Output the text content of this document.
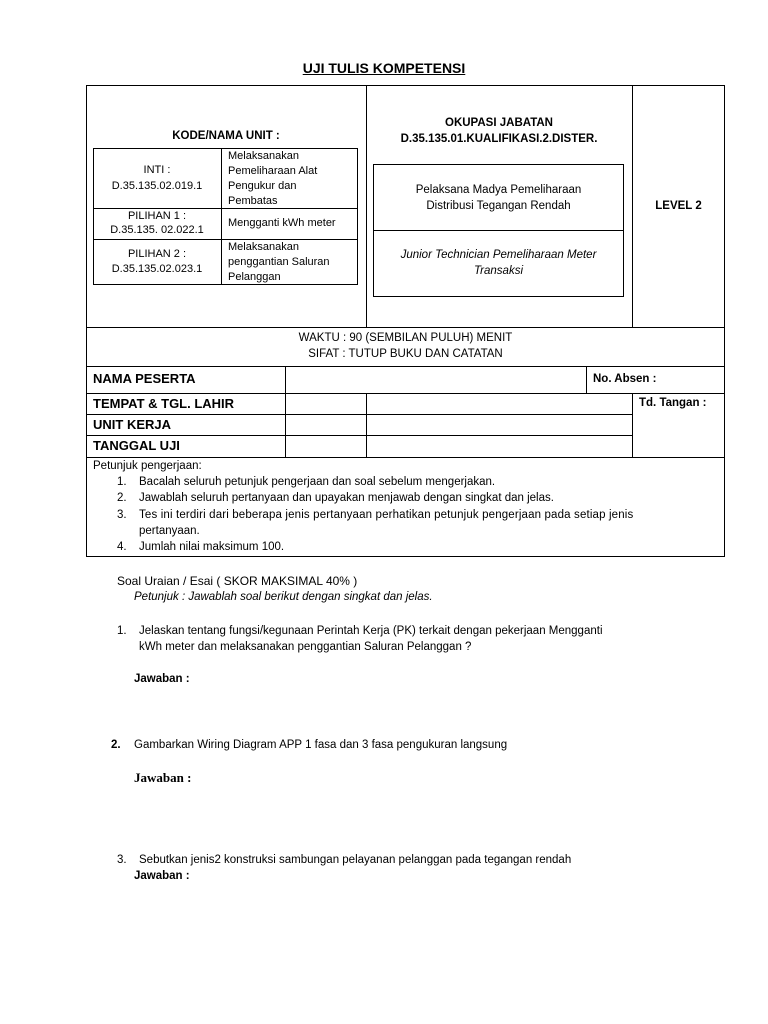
UJI TULIS KOMPETENSI
KODE/NAMA UNIT :
INTI :
D.35.135.02.019.1
Melaksanakan Pemeliharaan Alat Pengukur dan Pembatas
PILIHAN 1 :
D.35.135. 02.022.1
Mengganti kWh meter
PILIHAN 2 :
D.35.135.02.023.1
Melaksanakan penggantian Saluran Pelanggan
OKUPASI JABATAN
D.35.135.01.KUALIFIKASI.2.DISTER.
Pelaksana Madya Pemeliharaan
Distribusi Tegangan Rendah
Junior Technician Pemeliharaan Meter
Transaksi
LEVEL 2
WAKTU : 90 (SEMBILAN PULUH) MENIT
SIFAT : TUTUP BUKU DAN CATATAN
NAMA PESERTA	No. Absen :
TEMPAT & TGL. LAHIR	Td. Tangan :
UNIT KERJA
TANGGAL UJI
Petunjuk pengerjaan:
1. Bacalah seluruh petunjuk pengerjaan dan soal sebelum mengerjakan.
2. Jawablah seluruh pertanyaan dan upayakan menjawab dengan singkat dan jelas.
3. Tes ini terdiri dari beberapa jenis pertanyaan perhatikan petunjuk pengerjaan pada setiap jenis
pertanyaan.
4. Jumlah nilai maksimum 100.
Soal Uraian / Esai ( SKOR MAKSIMAL 40% )
Petunjuk : Jawablah soal berikut dengan singkat dan jelas.
1. Jelaskan tentang fungsi/kegunaan Perintah Kerja (PK) terkait dengan pekerjaan Mengganti
kWh meter dan melaksanakan penggantian Saluran Pelanggan ?
Jawaban :
2. Gambarkan Wiring Diagram APP 1 fasa dan 3 fasa pengukuran langsung
Jawaban :
3. Sebutkan jenis2 konstruksi sambungan pelayanan pelanggan pada tegangan rendah
Jawaban :
